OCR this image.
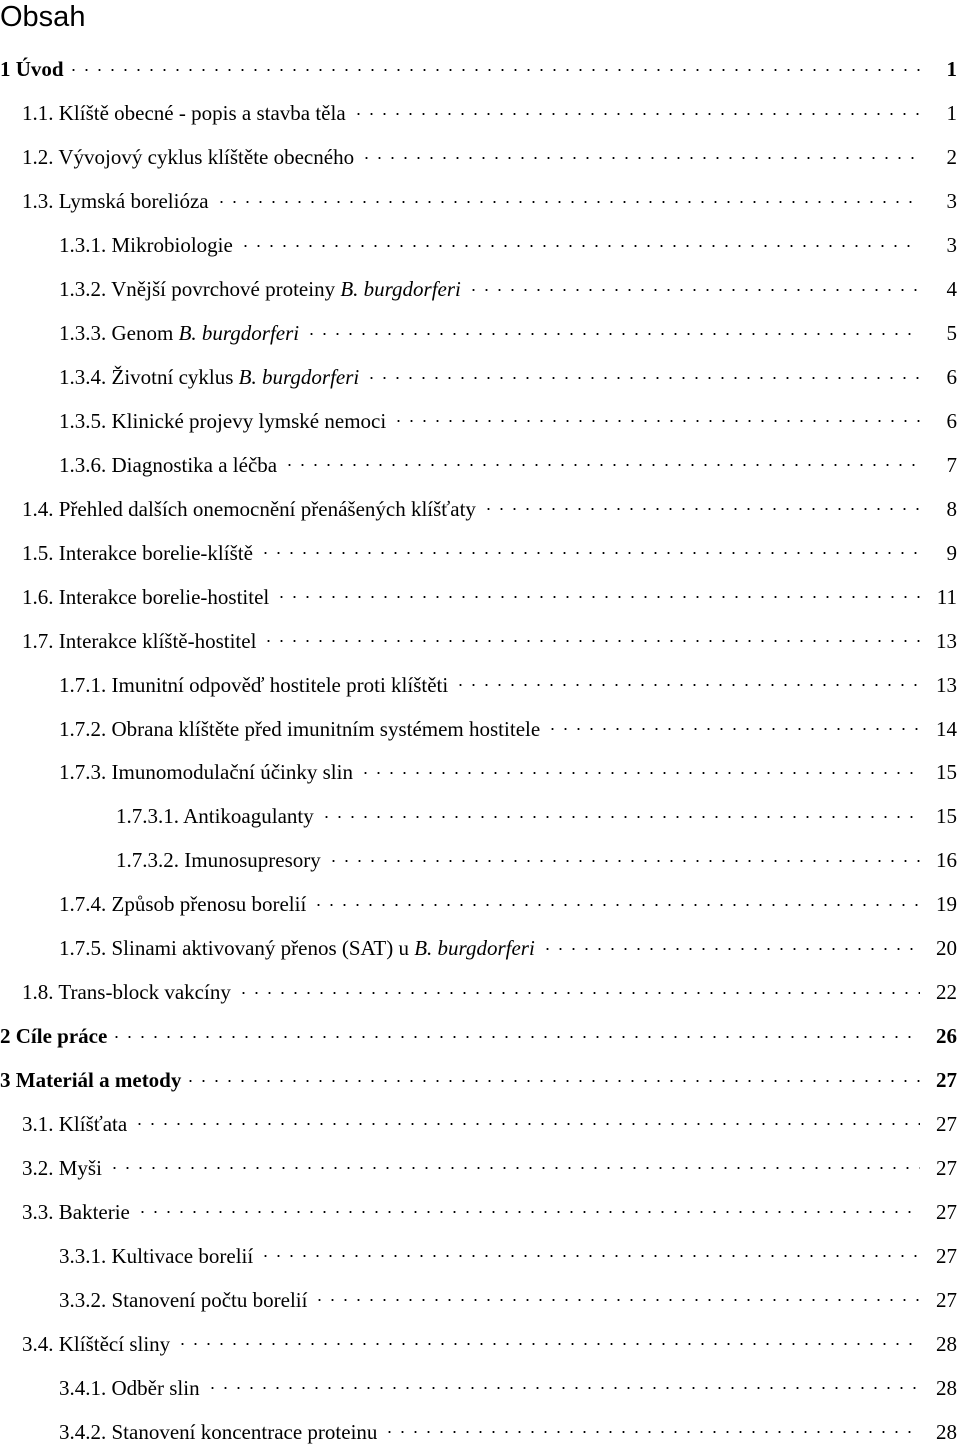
Obsah
1 Úvod	1
1.1. Klíště obecné - popis a stavba těla	1
1.2. Vývojový cyklus klíštěte obecného	2
1.3. Lymská borelióza	3
1.3.1. Mikrobiologie	3
1.3.2. Vnější povrchové proteiny B. burgdorferi	4
1.3.3. Genom B. burgdorferi	5
1.3.4. Životní cyklus B. burgdorferi	6
1.3.5. Klinické projevy lymské nemoci	6
1.3.6. Diagnostika a léčba	7
1.4. Přehled dalších onemocnění přenášených klíšťaty	8
1.5. Interakce borelie-klíště	9
1.6. Interakce borelie-hostitel	11
1.7. Interakce klíště-hostitel	13
1.7.1. Imunitní odpověď hostitele proti klíštěti	13
1.7.2. Obrana klíštěte před imunitním systémem hostitele	14
1.7.3. Imunomodulační účinky slin	15
1.7.3.1. Antikoagulanty	15
1.7.3.2. Imunosupresory	16
1.7.4. Způsob přenosu borelií	19
1.7.5. Slinami aktivovaný přenos (SAT) u B. burgdorferi	20
1.8. Trans-block vakcíny	22
2 Cíle práce	26
3 Materiál a metody	27
3.1. Klíšťata	27
3.2. Myši	27
3.3. Bakterie	27
3.3.1. Kultivace borelií	27
3.3.2. Stanovení počtu borelií	27
3.4. Klíštěcí sliny	28
3.4.1. Odběr slin	28
3.4.2. Stanovení koncentrace proteinu	28
